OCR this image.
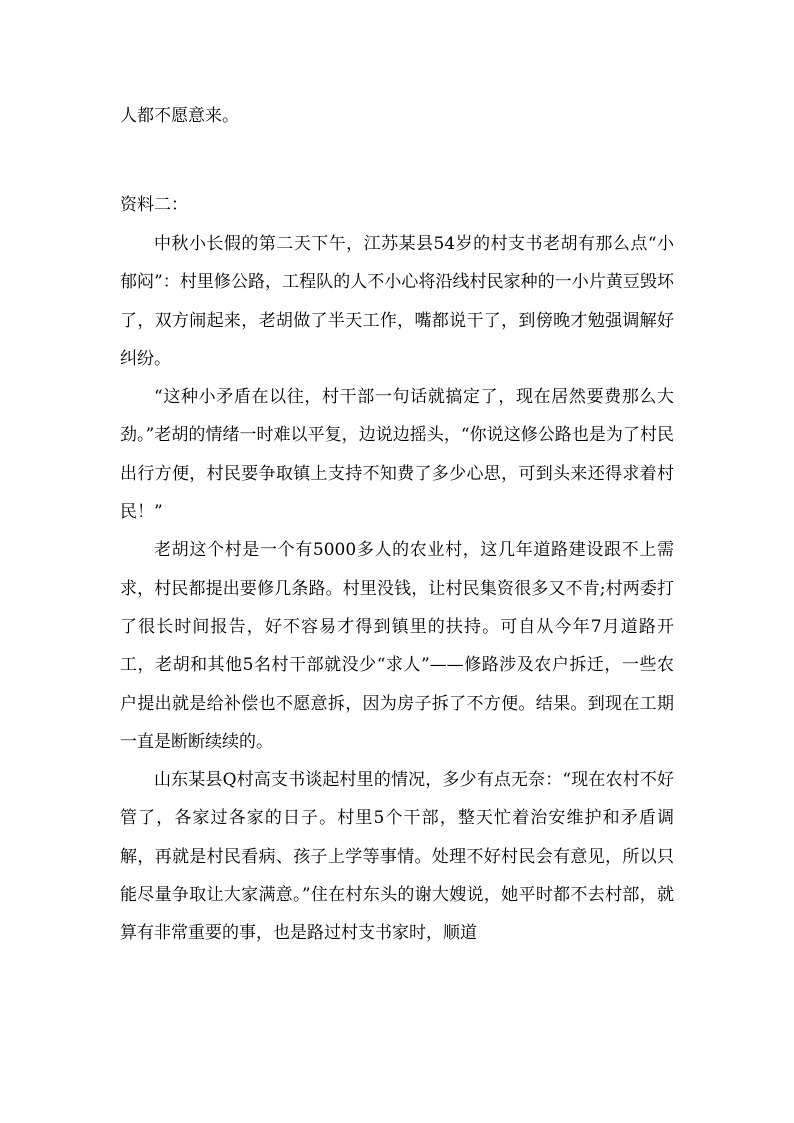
人都不愿意来。

资料二：

中秋小长假的第二天下午，江苏某县54岁的村支书老胡有那么点“小郁闷”：村里修公路，工程队的人不小心将沿线村民家种的一小片黄豆毁坏了，双方闹起来，老胡做了半天工作，嘴都说干了，到傍晚才勉强调解好纠纷。

“这种小矛盾在以往，村干部一句话就搞定了，现在居然要费那么大劲。”老胡的情绪一时难以平复，边说边摇头，“你说这修公路也是为了村民出行方便，村民要争取镇上支持不知费了多少心思，可到头来还得求着村民！”

老胡这个村是一个有5000多人的农业村，这几年道路建设跟不上需求，村民都提出要修几条路。村里没钱，让村民集资很多又不肯;村两委打了很长时间报告，好不容易才得到镇里的扶持。可自从今年7月道路开工，老胡和其他5名村干部就没少“求人”——修路涉及农户拆迁，一些农户提出就是给补偿也不愿意拆，因为房子拆了不方便。结果。到现在工期一直是断断续续的。

山东某县Q村高支书谈起村里的情况，多少有点无奈：“现在农村不好管了，各家过各家的日子。村里5个干部，整天忙着治安维护和矛盾调解，再就是村民看病、孩子上学等事情。处理不好村民会有意见，所以只能尽量争取让大家满意。”住在村东头的谢大嫂说，她平时都不去村部，就算有非常重要的事，也是路过村支书家时，顺道
